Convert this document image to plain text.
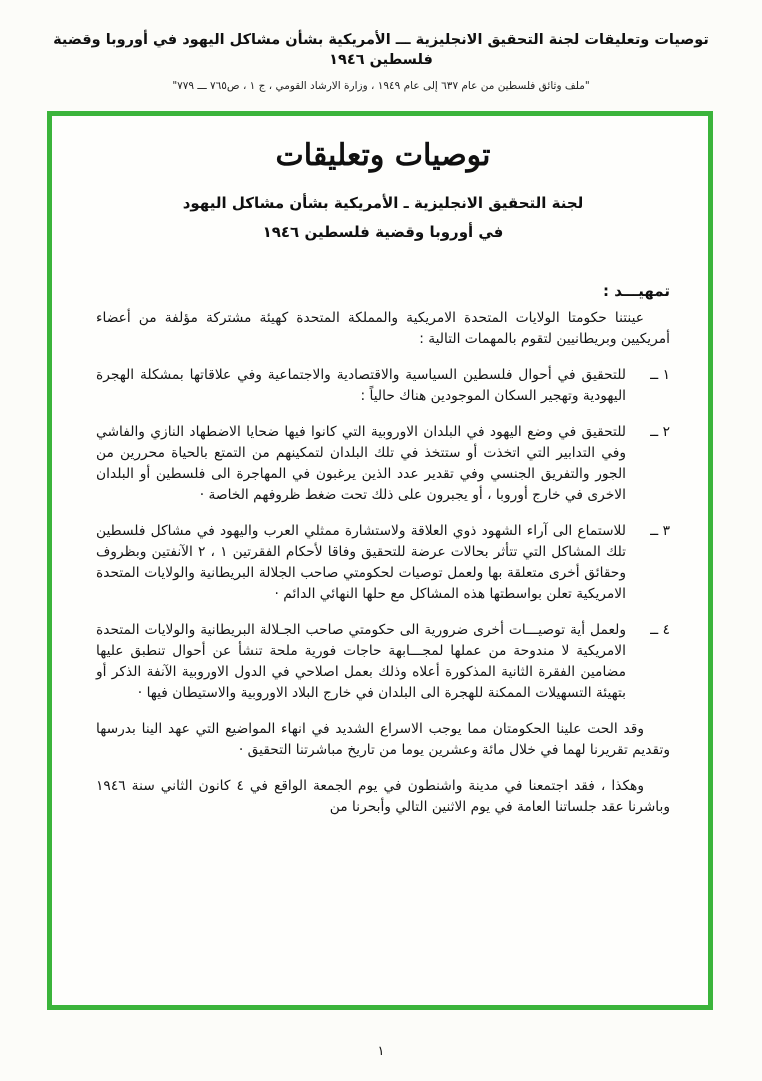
توصيات وتعليقات لجنة التحقيق الانجليزية ـــ الأمريكية بشأن مشاكل اليهود في أوروبا وقضية فلسطين ١٩٤٦
"ملف وثائق فلسطين من عام ٦٣٧ إلى عام ١٩٤٩ ، وزارة الارشاد القومي ، ج ١ ، ص٧٦٥ ـــ ٧٧٩"
توصيات وتعليقات
لجنة التحقيق الانجليزية ـ الأمريكية بشأن مشاكل اليهود
في أوروبا وقضية فلسطين ١٩٤٦
تمهيـــد :

عينتنا حكومتا الولايات المتحدة الامريكية والمملكة المتحدة كهيئة مشتركة مؤلفة من أعضاء أمريكيين وبريطانيين لتقوم بالمهمات التالية :

١ ــ
للتحقيق في أحوال فلسطين السياسية والاقتصادية والاجتماعية وفي علاقاتها بمشكلة الهجرة اليهودية وتهجير السكان الموجودين هناك حالياً :
٢ ــ
للتحقيق في وضع اليهود في البلدان الاوروبية التي كانوا فيها ضحايا الاضطهاد النازي والفاشي وفي التدابير التي اتخذت أو ستتخذ في تلك البلدان لتمكينهم من التمتع بالحياة محررين من الجور والتفريق الجنسي وفي تقدير عدد الذين يرغبون في المهاجرة الى فلسطين أو البلدان الاخرى في خارج أوروبا ، أو يجبرون على ذلك تحت ضغط ظروفهم الخاصة ·
٣ ــ
للاستماع الى آراء الشهود ذوي العلاقة ولاستشارة ممثلي العرب واليهود في مشاكل فلسطين تلك المشاكل التي تتأثر بحالات عرضة للتحقيق وفاقا لأحكام الفقرتين ١ ، ٢ الآنفتين وبظروف وحقائق أخرى متعلقة بها ولعمل توصيات لحكومتي صاحب الجلالة البريطانية والولايات المتحدة الامريكية تعلن بواسطتها هذه المشاكل مع حلها النهائي الدائم ·
٤ ــ
ولعمل أية توصيـــات أخرى ضرورية الى حكومتي صاحب الجـلالة البريطانية والولايات المتحدة الامريكية لا مندوحة من عملها لمجـــابهة حاجات فورية ملحة تنشأ عن أحوال تنطبق عليها مضامين الفقرة الثانية المذكورة أعلاه وذلك بعمل اصلاحي في الدول الاوروبية الآنفة الذكر أو بتهيئة التسهيلات الممكنة للهجرة الى البلدان في خارج البلاد الاوروبية والاستيطان فيها ·

وقد الحت علينا الحكومتان مما يوجب الاسراع الشديد في انهاء المواضيع التي عهد الينا بدرسها وتقديم تقريرنا لهما في خلال مائة وعشرين يوما من تاريخ مباشرتنا التحقيق ·

وهكذا ، فقد اجتمعنا في مدينة واشنطون في يوم الجمعة الواقع في ٤ كانون الثاني سنة ١٩٤٦ وباشرنا عقد جلساتنا العامة في يوم الاثنين التالي وأبحرنا من

١
